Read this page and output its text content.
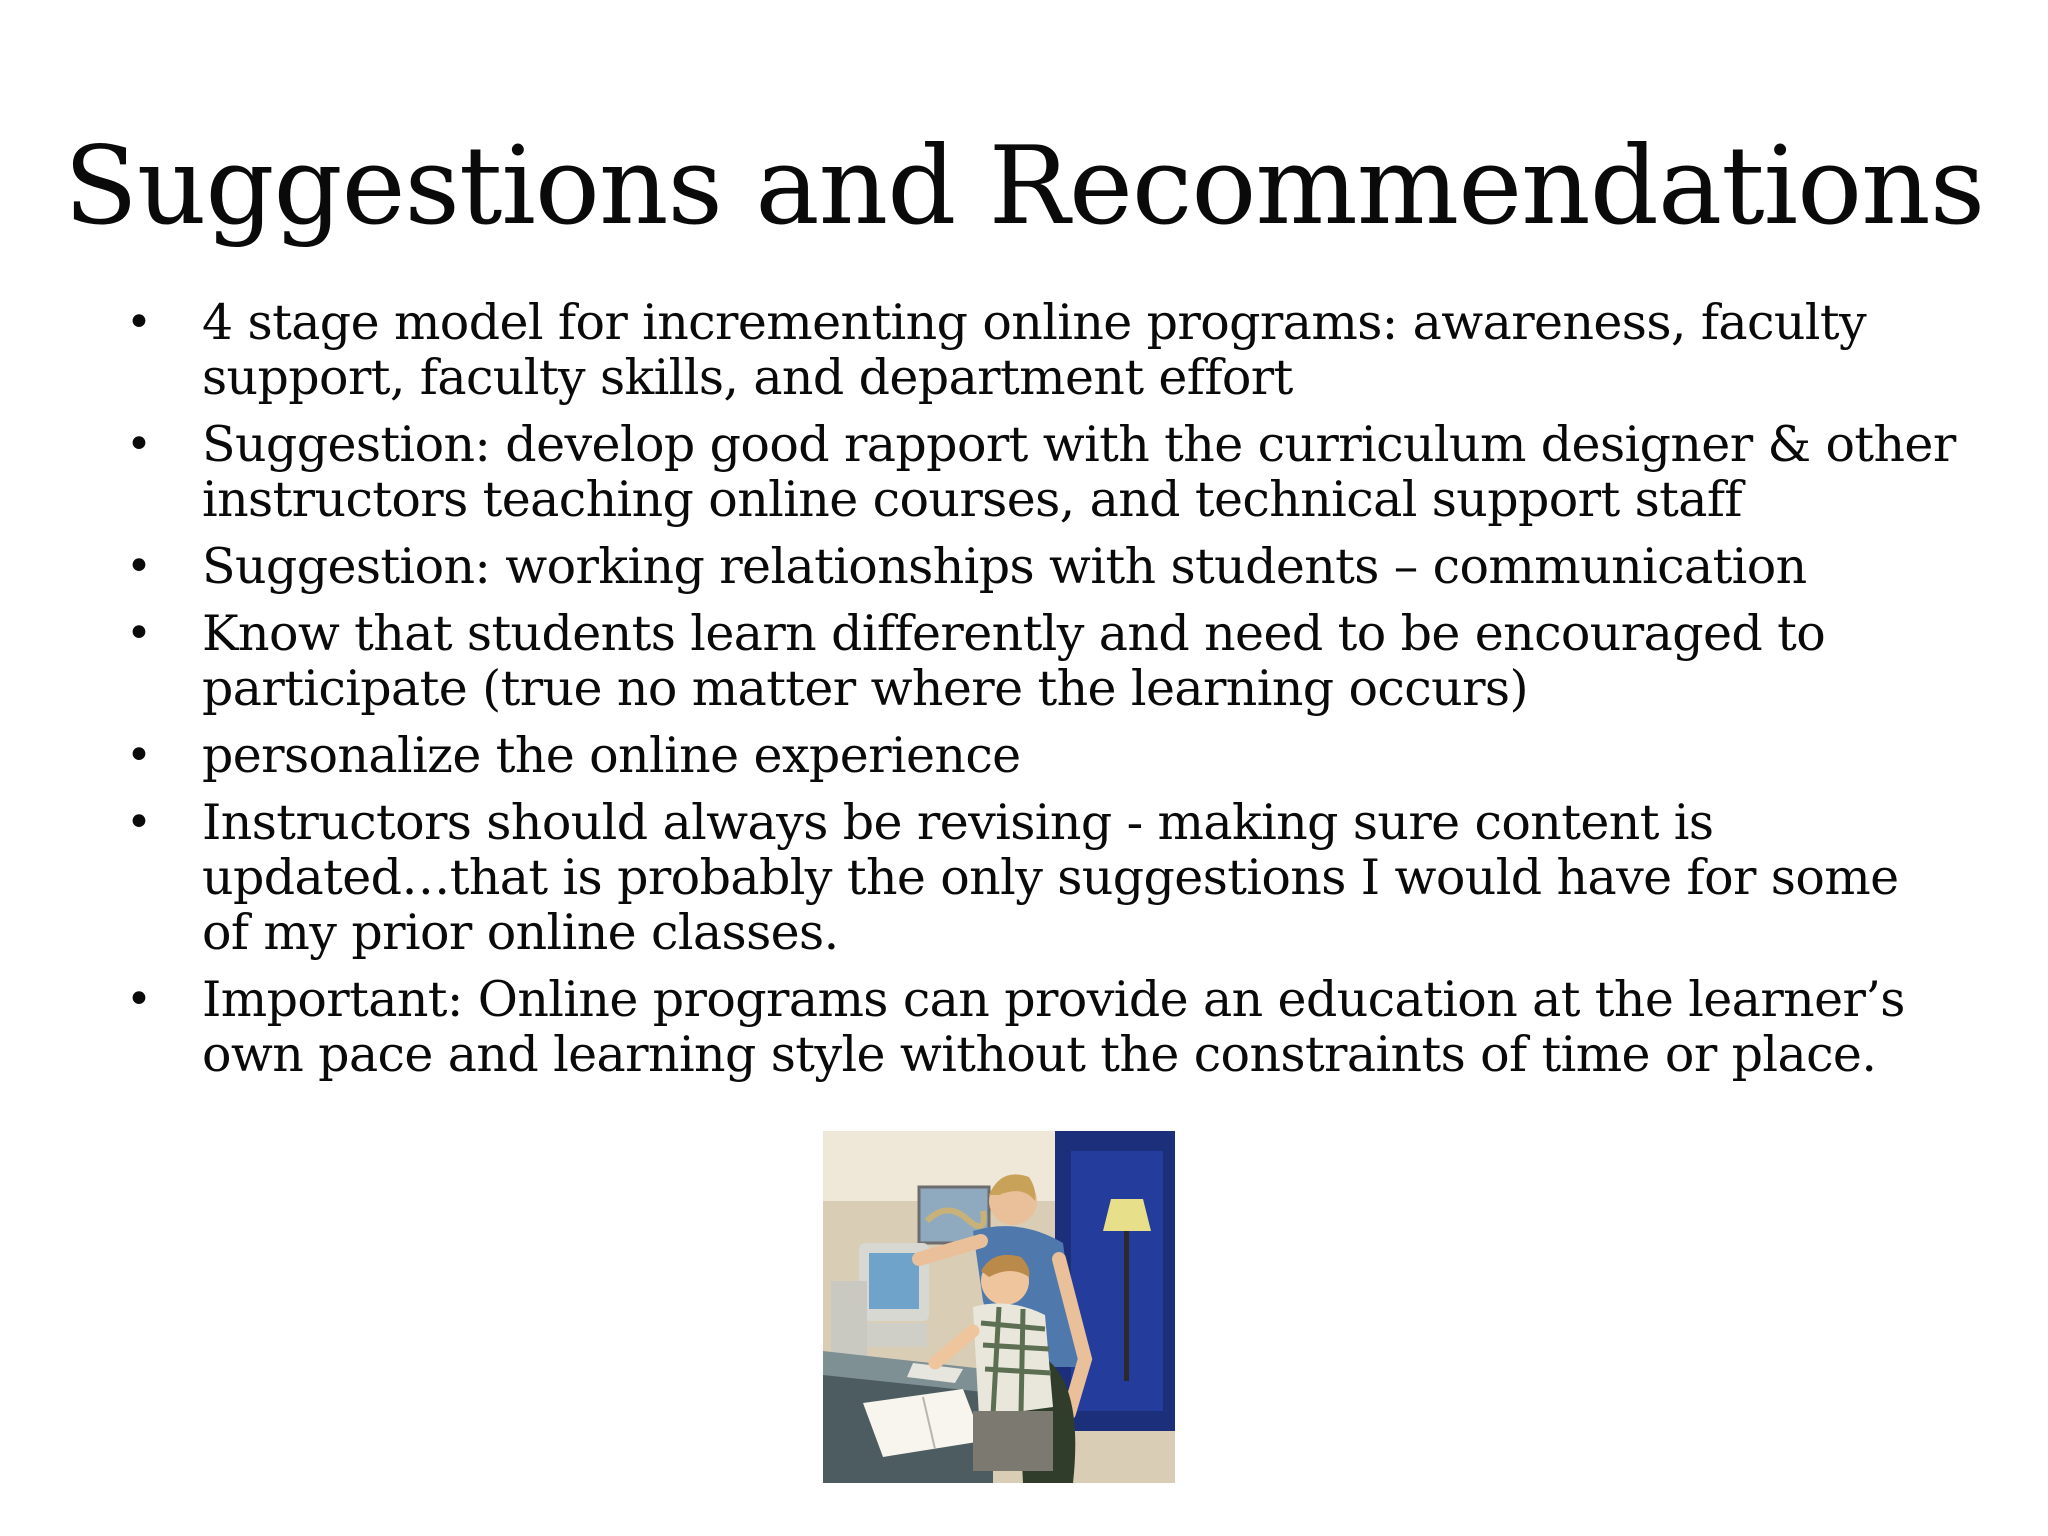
Suggestions and Recommendations
• 4 stage model for incrementing online programs: awareness, faculty support, faculty skills, and department effort
• Suggestion: develop good rapport with the curriculum designer & other instructors teaching online courses, and technical support staff
• Suggestion: working relationships with students – communication
• Know that students learn differently and need to be encouraged to participate (true no matter where the learning occurs)
• personalize the online experience
• Instructors should always be revising - making sure content is updated…that is probably the only suggestions I would have for some of my prior online classes.
• Important: Online programs can provide an education at the learner’s own pace and learning style without the constraints of time or place.
